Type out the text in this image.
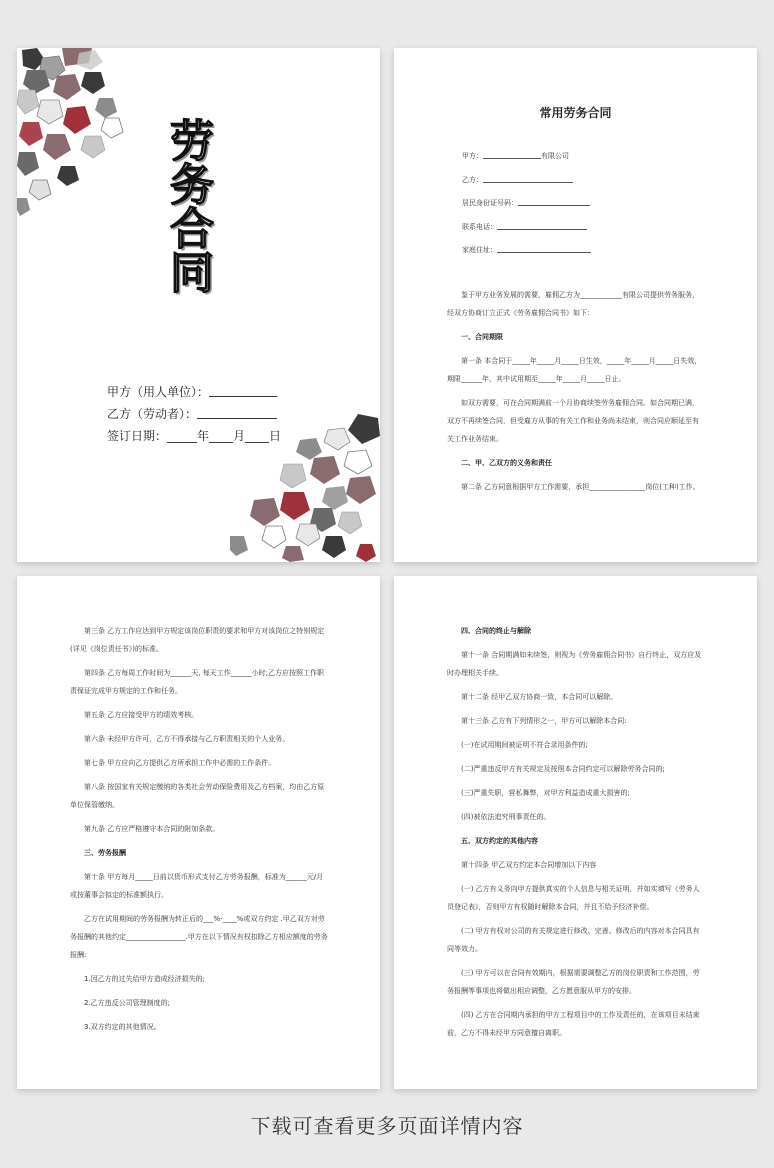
劳务合同
甲方（用人单位）：
乙方（劳动者）：
签订日期：_____年____月____日
常用劳务合同
甲方：	有限公司
乙方：
居民身份证号码：
联系电话：
家庭住址：

鉴于甲方业务发展的需要，雇佣乙方为____________有限公司提供劳务服务，经双方协商订立正式《劳务雇佣合同书》如下：

一、合同期限

第一条 本合同于_____年_____月_____日生效，_____年_____月_____日失效，期限______年，其中试用期至_____年_____月_____日止。

如双方需要，可在合同期满前一个月协商续签劳务雇佣合同。如合同期已满，双方不再续签合同，但受雇方从事的有关工作和业务尚未结束，则合同应顺延至有关工作业务结束。

二、甲、乙双方的义务和责任

第二条 乙方同意根据甲方工作需要，承担________________岗位(工种)工作。

第三条 乙方工作应达到甲方规定该岗位职责的要求和甲方对该岗位之特别规定(详见《岗位责任书》)的标准。

第四条 乙方每周工作时间为______天, 每天工作______小时;乙方应按照工作职责保证完成甲方规定的工作和任务。

第五条 乙方应接受甲方的绩效考核。

第六条 未经甲方许可，乙方不得承接与乙方职责相关的个人业务。

第七条 甲方应向乙方提供乙方所承担工作中必需的工作条件。

第八条 按国家有关规定缴纳的各类社会劳动保险费用及乙方档案，均由乙方原单位保管缴纳。

第九条 乙方应严格遵守本合同的附加条款。

三、劳务报酬

第十条 甲方每月_____日前以货币形式支付乙方劳务报酬，标准为______元/月或按董事会拟定的标准额执行。

乙方在试用期间的劳务报酬为转正后的___%-____%或双方约定 .甲乙双方对劳务报酬的其他约定_________________.甲方在以下情况有权扣除乙方相应额度的劳务报酬:

1.因乙方的过失给甲方造成经济损失的;

2.乙方违反公司管理制度的;

3.双方约定的其他情况。

四、合同的终止与解除

第十一条 合同期满如未续签，则视为《劳务雇佣合同书》自行终止，双方应及时办理相关手续。

第十二条 经甲乙双方协商一致，本合同可以解除。

第十三条 乙方有下列情形之一，甲方可以解除本合同:

(一)在试用期间被证明不符合录用条件的;

(二)严重违反甲方有关规定及按照本合同约定可以解除劳务合同的;

(三)严重失职，营私舞弊，对甲方利益造成重大损害的;

(四)被依法追究刑事责任的。

五、双方约定的其他内容

第十四条 甲乙双方约定本合同增加以下内容

(一) 乙方有义务向甲方提供真实的个人信息与相关证明，并如实填写《劳务人员登记表》，否则甲方有权随时解除本合同，并且不给予经济补偿。

(二) 甲方有权对公司的有关规定进行修改、完善。修改后的内容对本合同具有同等效力。

(三) 甲方可以在合同有效期内，根据需要调整乙方的岗位职责和工作范围，劳务报酬等事项也将做出相应调整，乙方愿意服从甲方的安排。

(四) 乙方在合同期内承担的甲方工程项目中的工作及责任的，在该项目未结束前，乙方不得未经甲方同意擅自离职。

下载可查看更多页面详情内容
